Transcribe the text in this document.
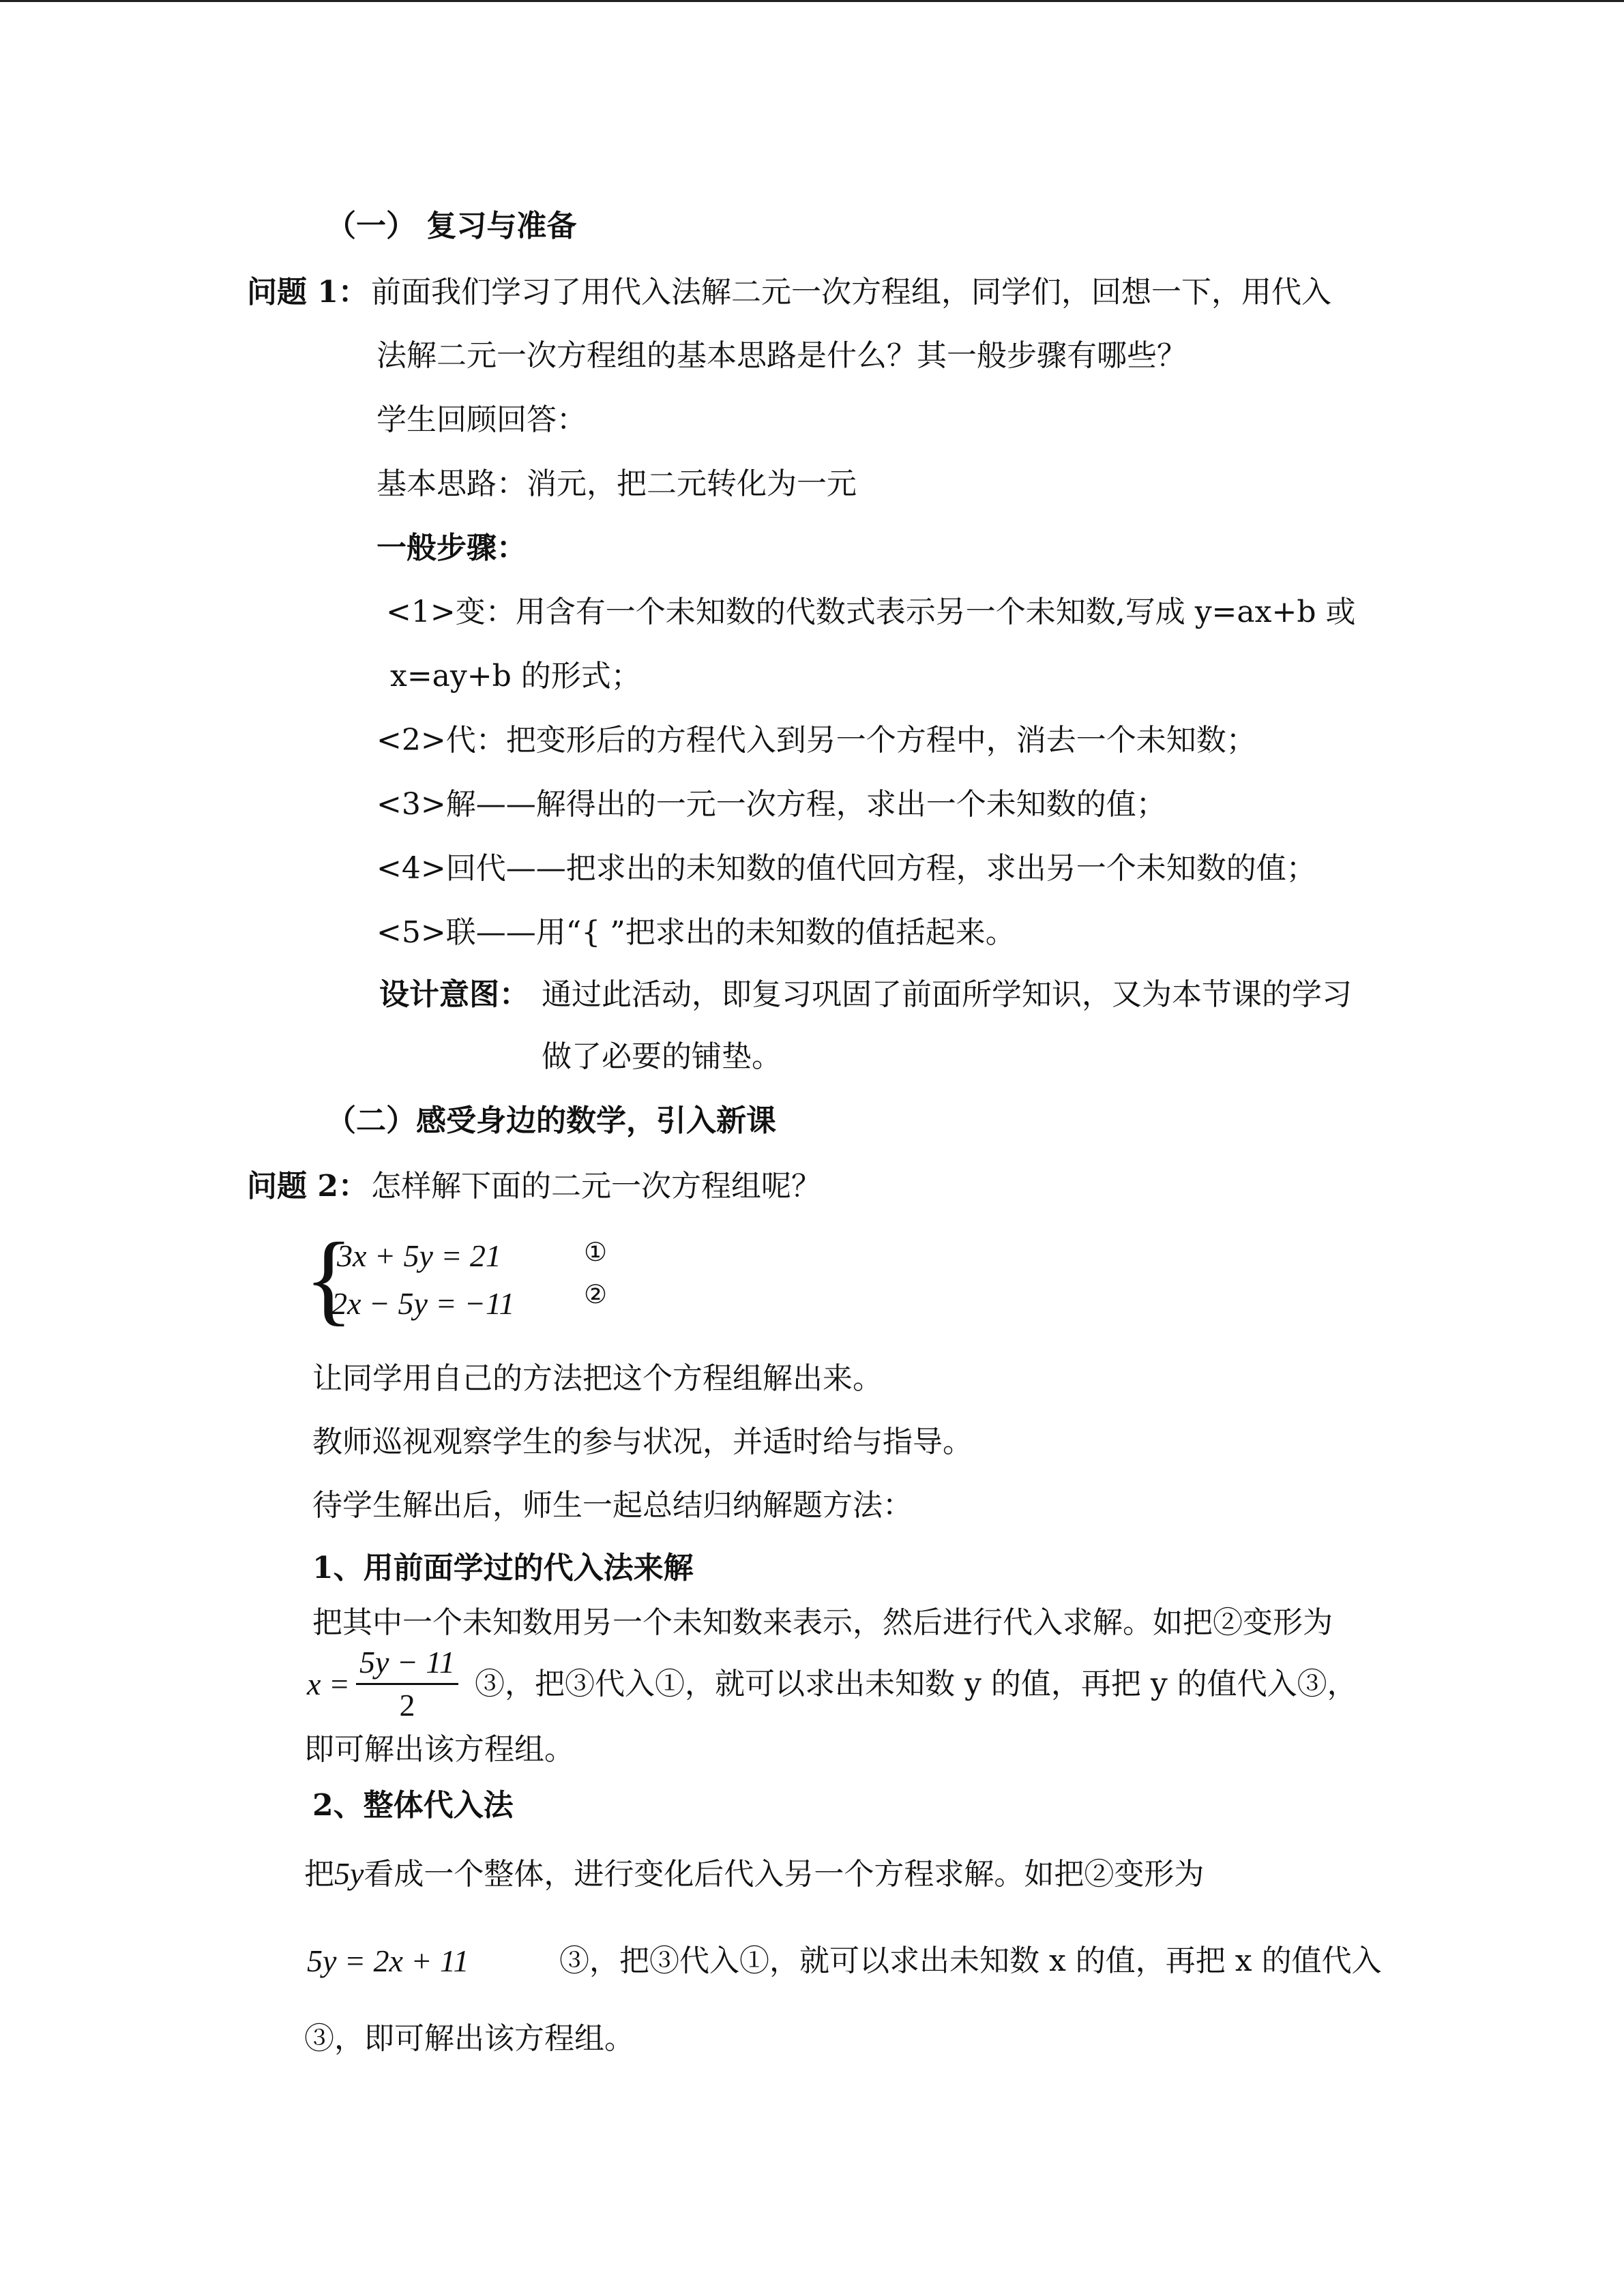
（一） 复习与准备
问题 1： 前面我们学习了用代入法解二元一次方程组，同学们，回想一下，用代入
法解二元一次方程组的基本思路是什么？其一般步骤有哪些？
学生回顾回答：
基本思路：消元，把二元转化为一元
一般步骤：
<1>变：用含有一个未知数的代数式表示另一个未知数,写成 y=ax+b 或
x=ay+b 的形式；
<2>代：把变形后的方程代入到另一个方程中，消去一个未知数；
<3>解——解得出的一元一次方程，求出一个未知数的值；
<4>回代——把求出的未知数的值代回方程，求出另一个未知数的值；
<5>联——用“{ ”把求出的未知数的值括起来。
设计意图： 通过此活动，即复习巩固了前面所学知识，又为本节课的学习
做了必要的铺垫。
（二）感受身边的数学，引入新课
问题 2： 怎样解下面的二元一次方程组呢？
{
3x + 5y = 21	①
2x − 5y = −11	②
让同学用自己的方法把这个方程组解出来。
教师巡视观察学生的参与状况，并适时给与指导。
待学生解出后，师生一起总结归纳解题方法：
1、用前面学过的代入法来解
把其中一个未知数用另一个未知数来表示，然后进行代入求解。如把②变形为
x =
5y − 11
2
③，把③代入①，就可以求出未知数 y 的值，再把 y 的值代入③，
即可解出该方程组。
2、整体代入法
把5y看成一个整体，进行变化后代入另一个方程求解。如把②变形为
5y = 2x + 11	③，把③代入①，就可以求出未知数 x 的值，再把 x 的值代入
③，即可解出该方程组。
